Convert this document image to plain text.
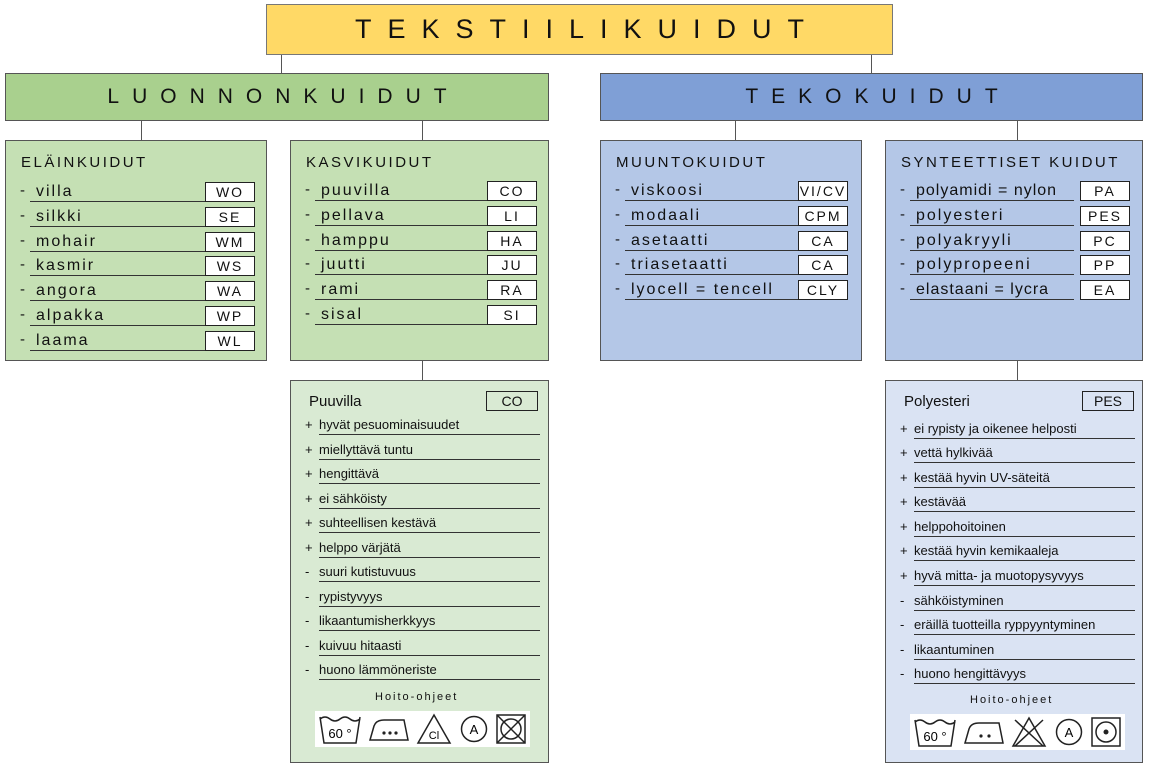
TEKSTIILIKUIDUT
LUONNONKUIDUT	TEKOKUIDUT
ELÄINKUIDUT
- villa	WO
- silkki	SE
- mohair	WM
- kasmir	WS
- angora	WA
- alpakka	WP
- laama	WL
KASVIKUIDUT
- puuvilla	CO
- pellava	LI
- hamppu	HA
- juutti	JU
- rami	RA
- sisal	SI
MUUNTOKUIDUT
- viskoosi	VI/CV
- modaali	CPM
- asetaatti	CA
- triasetaatti	CA
- lyocell = tencell	CLY
SYNTEETTISET KUIDUT
- polyamidi = nylon	PA
- polyesteri	PES
- polyakryyli	PC
- polypropeeni	PP
- elastaani = lycra	EA
Puuvilla	CO
+ hyvät pesuominaisuudet
+ miellyttävä tuntu
+ hengittävä
+ ei sähköisty
+ suhteellisen kestävä
+ helppo värjätä
- suuri kutistuvuus
- rypistyvyys
- likaantumisherkkyys
- kuivuu hitaasti
- huono lämmöneriste
Hoito-ohjeet
60 °	Cl A
Polyesteri	PES
+ ei rypisty ja oikenee helposti
+ vettä hylkivää
+ kestää hyvin UV-säteitä
+ kestävää
+ helppohoitoinen
+ kestää hyvin kemikaaleja
+ hyvä mitta- ja muotopysyvyys
- sähköistyminen
- eräillä tuotteilla ryppyyntyminen
- likaantuminen
- huono hengittävyys
Hoito-ohjeet
60 °	A
